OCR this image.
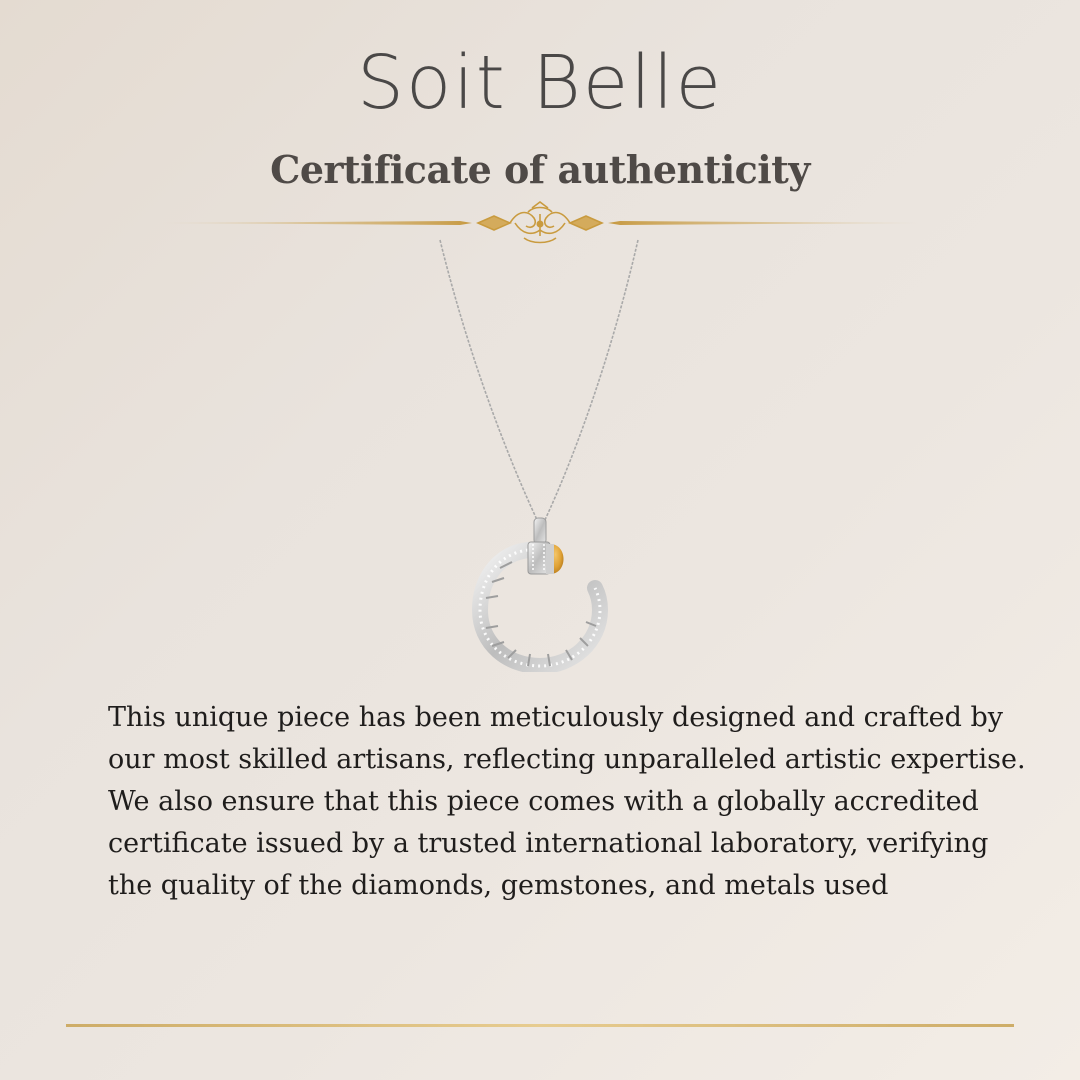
Soit Belle
Certificate of authenticity

This unique piece has been meticulously designed and crafted by our most skilled artisans, reflecting unparalleled artistic expertise. We also ensure that this piece comes with a globally accredited certificate issued by a trusted international laboratory, verifying the quality of the diamonds, gemstones, and metals used
